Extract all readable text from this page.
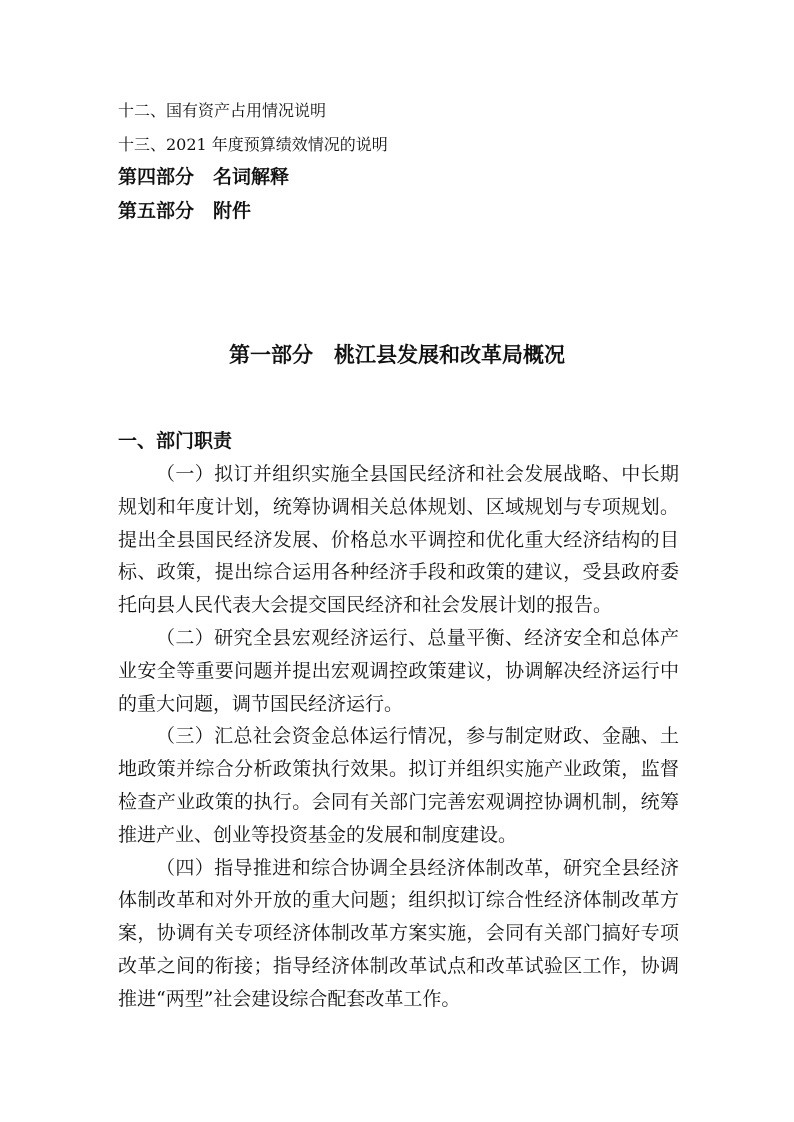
十二、国有资产占用情况说明
十三、2021 年度预算绩效情况的说明
第四部分　名词解释
第五部分　附件
第一部分　桃江县发展和改革局概况
一、部门职责

（一）拟订并组织实施全县国民经济和社会发展战略、中长期规划和年度计划，统筹协调相关总体规划、区域规划与专项规划。提出全县国民经济发展、价格总水平调控和优化重大经济结构的目标、政策，提出综合运用各种经济手段和政策的建议，受县政府委托向县人民代表大会提交国民经济和社会发展计划的报告。

（二）研究全县宏观经济运行、总量平衡、经济安全和总体产业安全等重要问题并提出宏观调控政策建议，协调解决经济运行中的重大问题，调节国民经济运行。

（三）汇总社会资金总体运行情况，参与制定财政、金融、土地政策并综合分析政策执行效果。拟订并组织实施产业政策，监督检查产业政策的执行。会同有关部门完善宏观调控协调机制，统筹推进产业、创业等投资基金的发展和制度建设。

（四）指导推进和综合协调全县经济体制改革，研究全县经济体制改革和对外开放的重大问题；组织拟订综合性经济体制改革方案，协调有关专项经济体制改革方案实施，会同有关部门搞好专项改革之间的衔接；指导经济体制改革试点和改革试验区工作，协调推进“两型”社会建设综合配套改革工作。
